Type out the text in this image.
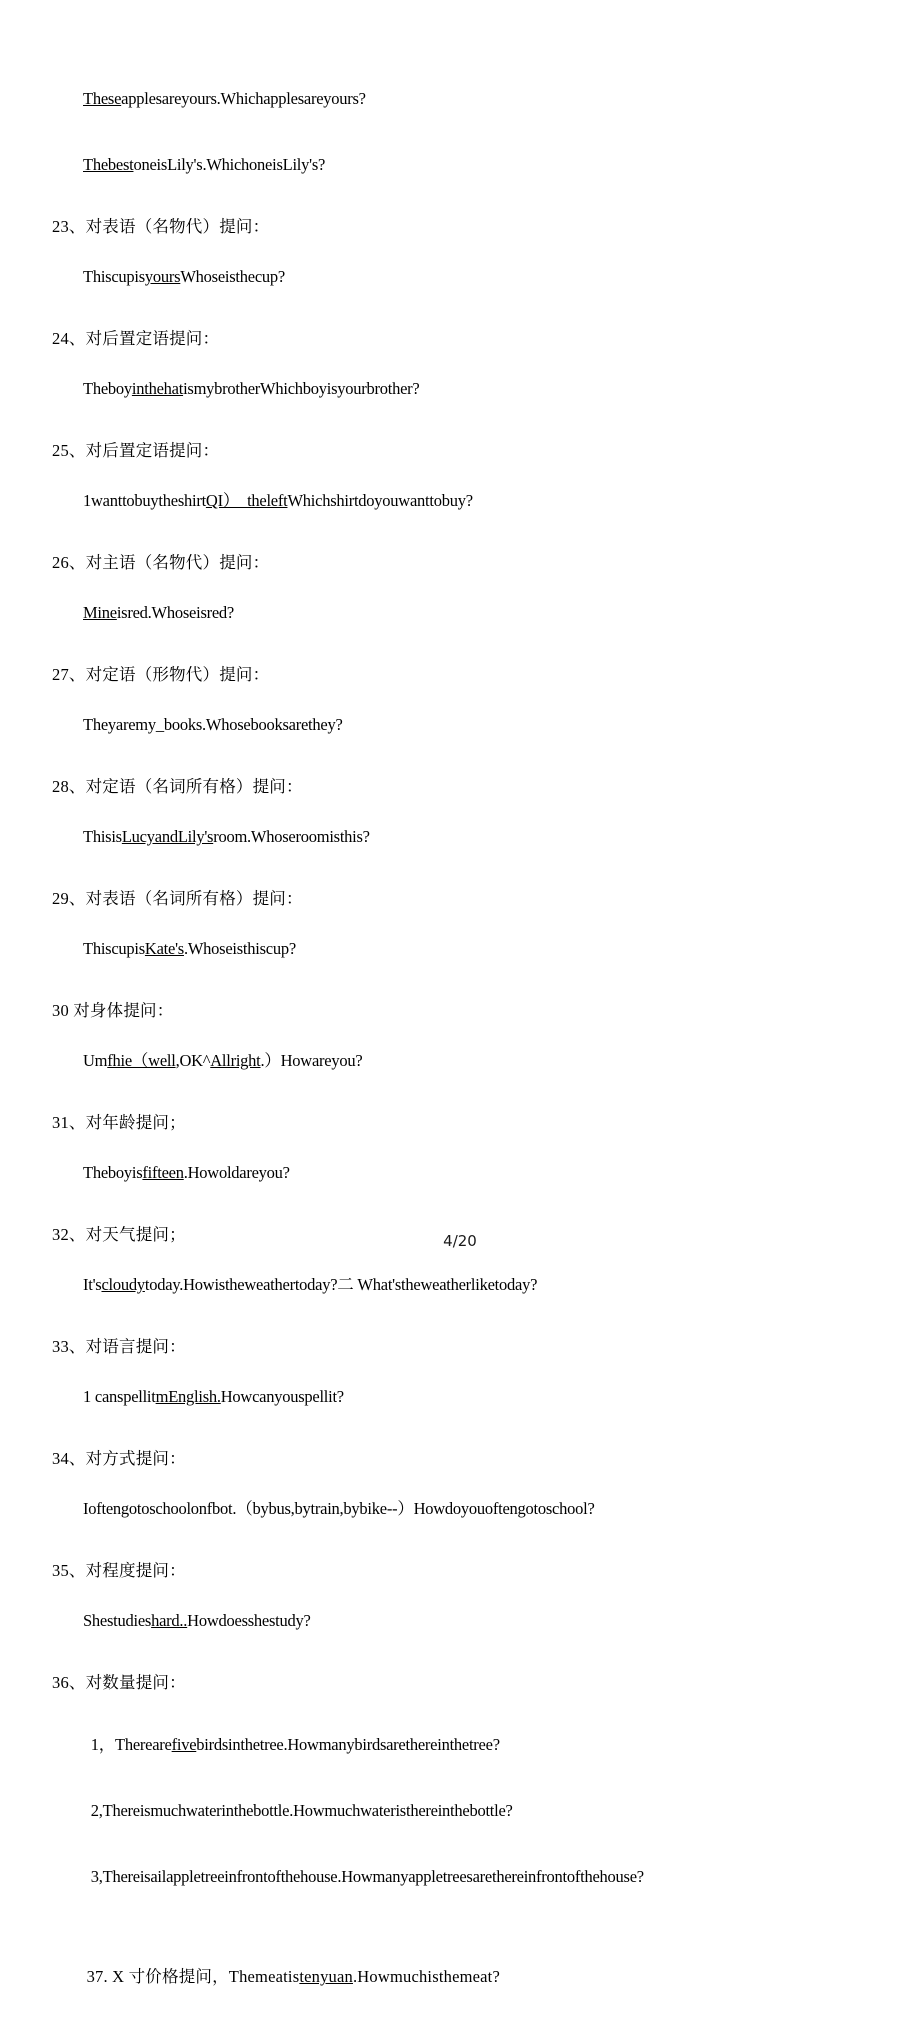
Theseapplesareyours.Whichapplesareyours?

ThebestoneisLily's.WhichoneisLily's?

23、对表语（名物代）提问：

ThiscupisyoursWhoseisthecup?

24、对后置定语提问：

TheboyinthehatismybrotherWhichboyisyourbrother?

25、对后置定语提问：

1wanttobuytheshirtQI）_theleftWhichshirtdoyouwanttobuy?

26、对主语（名物代）提问：

Mineisred.Whoseisred?

27、对定语（形物代）提问：

Theyaremy_books.Whosebooksarethey?

28、对定语（名词所有格）提问：

ThisisLucyandLily'sroom.Whoseroomisthis?

29、对表语（名词所有格）提问：

ThiscupisKate's.Whoseisthiscup?

30 对身体提问：

Umfhie（well,OK^Allright.）Howareyou?

31、对年龄提问；

Theboyisfifteen.Howoldareyou?

32、对天气提问；

It'scloudytoday.Howistheweathertoday?二 What'stheweatherliketoday?

33、对语言提问：

1 canspellitmEnglish.Howcanyouspellit?

34、对方式提问：

Ioftengotoschoolonfbot.（bybus,bytrain,bybike--）Howdoyouoftengotoschool?

35、对程度提问：

Shestudieshard..Howdoesshestudy?

36、对数量提问：

1，Therearefivebirdsinthetree.Howmanybirdsarethereinthetree?

2,Thereismuchwaterinthebottle.Howmuchwateristhereinthebottle?

3,Thereisailappletreeinfrontofthehouse.Howmanyappletreesarethereinfrontofthehouse?

37. X 寸价格提问，Themeatistenyuan.Howmuchisthemeat?

4/20
